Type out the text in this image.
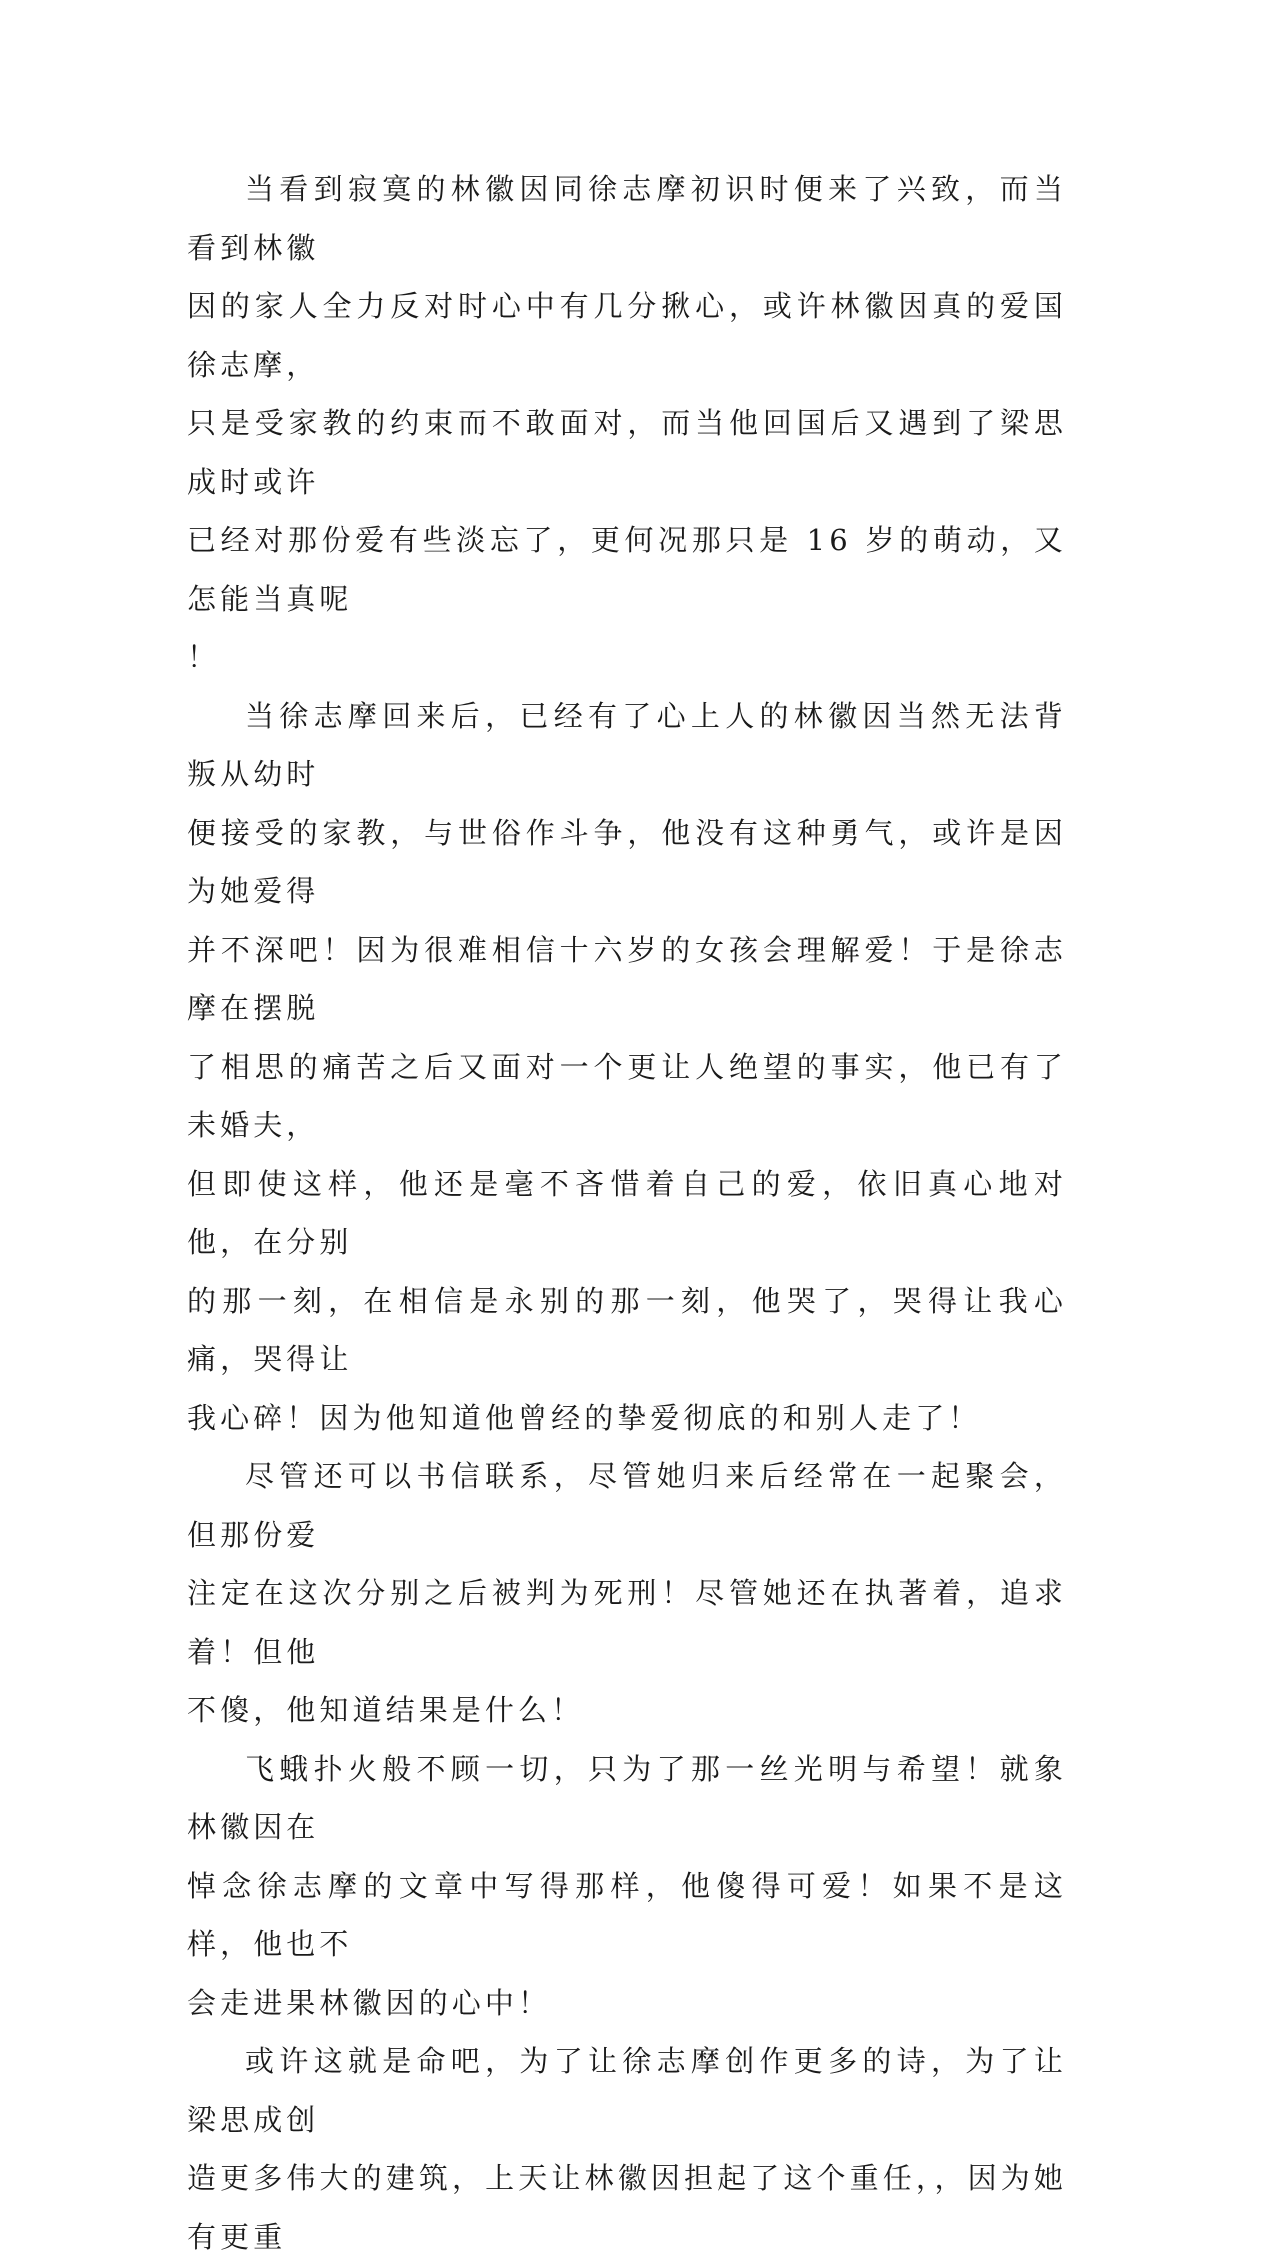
当看到寂寞的林徽因同徐志摩初识时便来了兴致，而当看到林徽
因的家人全力反对时心中有几分揪心，或许林徽因真的爱国徐志摩，
只是受家教的约束而不敢面对，而当他回国后又遇到了梁思成时或许
已经对那份爱有些淡忘了，更何况那只是 16 岁的萌动，又怎能当真呢
！

当徐志摩回来后，已经有了心上人的林徽因当然无法背叛从幼时
便接受的家教，与世俗作斗争，他没有这种勇气，或许是因为她爱得
并不深吧！因为很难相信十六岁的女孩会理解爱！于是徐志摩在摆脱
了相思的痛苦之后又面对一个更让人绝望的事实，他已有了未婚夫，
但即使这样，他还是毫不吝惜着自己的爱，依旧真心地对他，在分别
的那一刻，在相信是永别的那一刻，他哭了，哭得让我心痛，哭得让
我心碎！因为他知道他曾经的挚爱彻底的和别人走了！

尽管还可以书信联系，尽管她归来后经常在一起聚会，但那份爱
注定在这次分别之后被判为死刑！尽管她还在执著着，追求着！但他
不傻，他知道结果是什么！

飞蛾扑火般不顾一切，只为了那一丝光明与希望！就象林徽因在
悼念徐志摩的文章中写得那样，他傻得可爱！如果不是这样，他也不
会走进果林徽因的心中！

或许这就是命吧，为了让徐志摩创作更多的诗，为了让梁思成创
造更多伟大的建筑，上天让林徽因担起了这个重任，，因为她有更重
